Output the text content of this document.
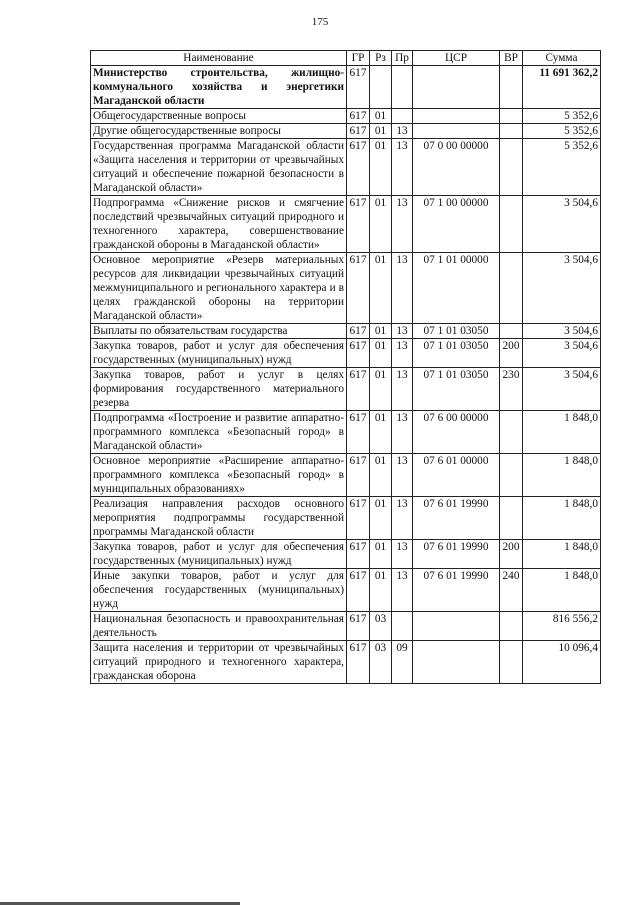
175
Наименование	ГР	Рз	Пр	ЦСР	ВР	Сумма
Министерство строительства, жилищно-коммунального хозяйства и энергетики Магаданской области	617					11 691 362,2
Общегосударственные вопросы	617	01				5 352,6
Другие общегосударственные вопросы	617	01	13			5 352,6
Государственная программа Магаданской области «Защита населения и территории от чрезвычайных ситуаций и обеспечение пожарной безопасности в Магаданской области»	617	01	13	07 0 00 00000		5 352,6
Подпрограмма «Снижение рисков и смягчение последствий чрезвычайных ситуаций природного и техногенного характера, совершенствование гражданской обороны в Магаданской области»	617	01	13	07 1 00 00000		3 504,6
Основное мероприятие «Резерв материальных ресурсов для ликвидации чрезвычайных ситуаций межмуниципального и регионального характера и в целях гражданской обороны на территории Магаданской области»	617	01	13	07 1 01 00000		3 504,6
Выплаты по обязательствам государства	617	01	13	07 1 01 03050		3 504,6
Закупка товаров, работ и услуг для обеспечения государственных (муниципальных) нужд	617	01	13	07 1 01 03050	200	3 504,6
Закупка товаров, работ и услуг в целях формирования государственного материального резерва	617	01	13	07 1 01 03050	230	3 504,6
Подпрограмма «Построение и развитие аппаратно-программного комплекса «Безопасный город» в Магаданской области»	617	01	13	07 6 00 00000		1 848,0
Основное мероприятие «Расширение аппаратно-программного комплекса «Безопасный город» в муниципальных образованиях»	617	01	13	07 6 01 00000		1 848,0
Реализация направления расходов основного мероприятия подпрограммы государственной программы Магаданской области	617	01	13	07 6 01 19990		1 848,0
Закупка товаров, работ и услуг для обеспечения государственных (муниципальных) нужд	617	01	13	07 6 01 19990	200	1 848,0
Иные закупки товаров, работ и услуг для обеспечения государственных (муниципальных) нужд	617	01	13	07 6 01 19990	240	1 848,0
Национальная безопасность и правоохранительная деятельность	617	03				816 556,2
Защита населения и территории от чрезвычайных ситуаций природного и техногенного характера, гражданская оборона	617	03	09			10 096,4
